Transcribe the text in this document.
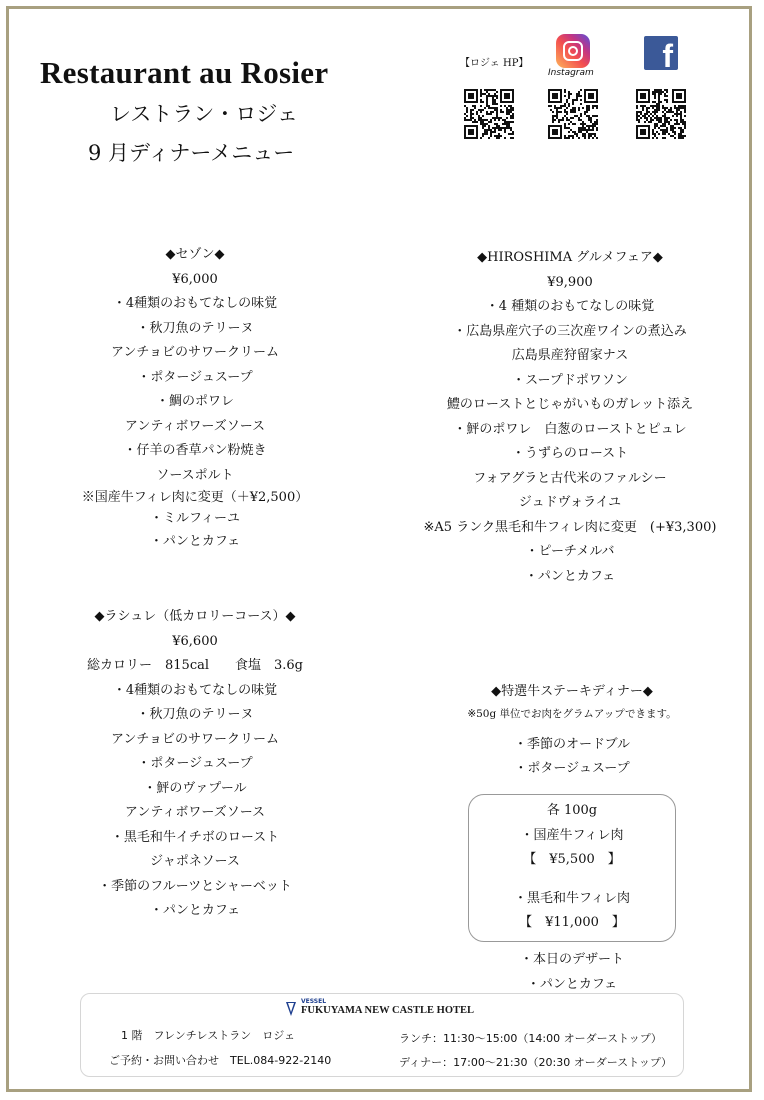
Restaurant au Rosier
レストラン・ロジェ
9 月ディナーメニュー
【ロジェ HP】
Instagram	f
◆セゾン◆
¥6,000
・4種類のおもてなしの味覚
・秋刀魚のテリーヌ
アンチョビのサワークリーム
・ポタージュスープ
・鯛のポワレ
アンティボワーズソース
・仔羊の香草パン粉焼き
ソースポルト
※国産牛フィレ肉に変更（＋¥2,500）
・ミルフィーユ
・パンとカフェ
◆HIROSHIMA グルメフェア◆
¥9,900
・4 種類のおもてなしの味覚
・広島県産穴子の三次産ワインの煮込み
広島県産狩留家ナス
・スープドポワソン
鱧のローストとじゃがいものガレット添え
・鮃のポワレ　白葱のローストとピュレ
・うずらのロースト
フォアグラと古代米のファルシー
ジュドヴォライユ
※A5 ランク黒毛和牛フィレ肉に変更　(+¥3,300)
・ピーチメルバ
・パンとカフェ
◆ラシュレ（低カロリーコース）◆
¥6,600
総カロリー　815cal　　食塩　3.6g
・4種類のおもてなしの味覚
・秋刀魚のテリーヌ
アンチョビのサワークリーム
・ポタージュスープ
・鮃のヴァプール
アンティボワーズソース
・黒毛和牛イチボのロースト
ジャポネソース
・季節のフルーツとシャーベット
・パンとカフェ
◆特選牛ステーキディナー◆
※50g 単位でお肉をグラムアップできます。
・季節のオードブル
・ポタージュスープ
各 100g
・国産牛フィレ肉
【　¥5,500　】
・黒毛和牛フィレ肉
【　¥11,000　】
・本日のデザート
・パンとカフェ
VESSEL
FUKUYAMA NEW CASTLE HOTEL
1 階　フレンチレストラン　ロジェ
ご予約・お問い合わせ　TEL.084-922-2140
ランチ：11:30～15:00（14:00 オーダーストップ）
ディナー：17:00～21:30（20:30 オーダーストップ）
